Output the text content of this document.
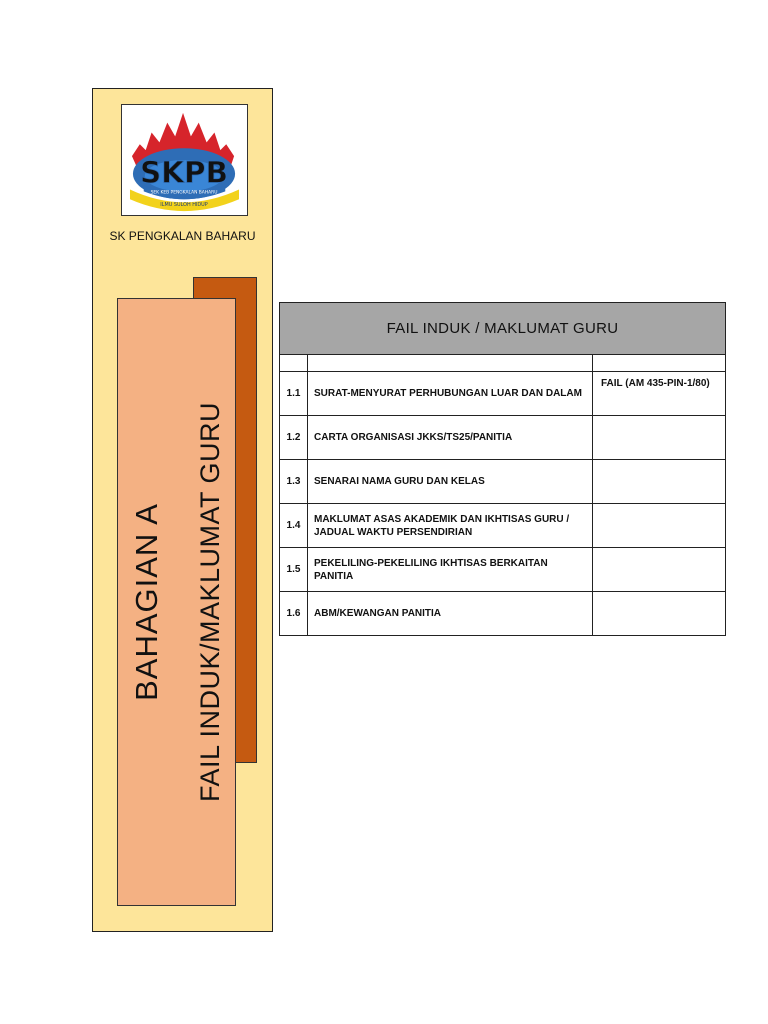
SKPB
SEK KEB PENGKALAN BAHARU
ILMU SULOH HIDUP
SK PENGKALAN BAHARU
BAHAGIAN A FAIL INDUK/MAKLUMAT GURU
FAIL INDUK / MAKLUMAT GURU		

1.1	SURAT-MENYURAT PERHUBUNGAN LUAR DAN DALAM	FAIL (AM 435-PIN-1/80)
1.2	CARTA ORGANISASI JKKS/TS25/PANITIA	
1.3	SENARAI NAMA GURU DAN KELAS	
1.4	MAKLUMAT ASAS AKADEMIK DAN IKHTISAS GURU / JADUAL WAKTU PERSENDIRIAN	
1.5	PEKELILING-PEKELILING IKHTISAS BERKAITAN PANITIA	
1.6	ABM/KEWANGAN PANITIA	
